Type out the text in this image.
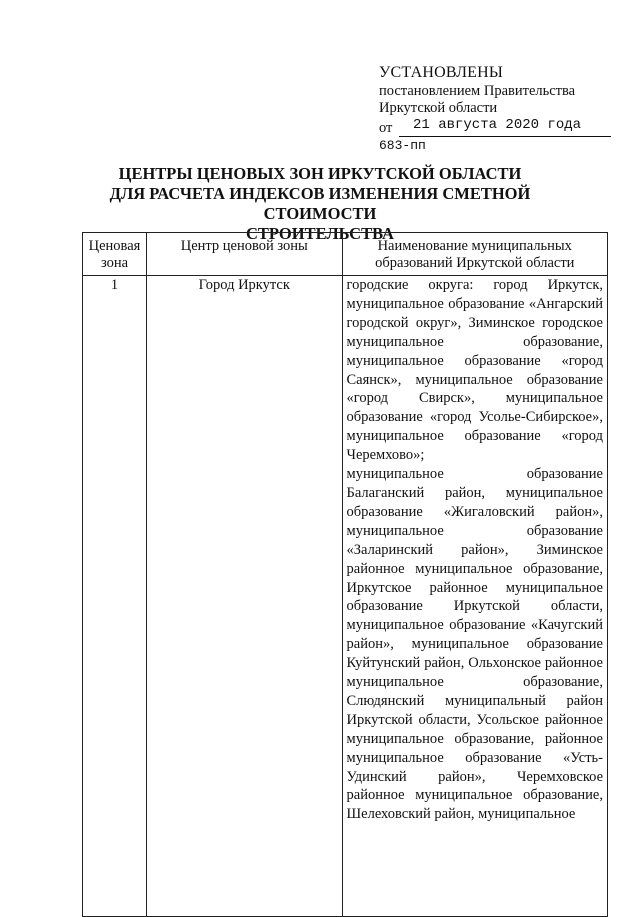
УСТАНОВЛЕНЫ
постановлением Правительства
Иркутской области
от 21 августа 2020 года
683-пп
ЦЕНТРЫ ЦЕНОВЫХ ЗОН ИРКУТСКОЙ ОБЛАСТИ
ДЛЯ РАСЧЕТА ИНДЕКСОВ ИЗМЕНЕНИЯ СМЕТНОЙ СТОИМОСТИ
СТРОИТЕЛЬСТВА
Ценовая зона	Центр ценовой зоны	Наименование муниципальных образований Иркутской области
1	Город Иркутск	городские округа: город Иркутск, муниципальное образование «Ангарский городской округ», Зиминское городское муниципальное образование, муниципальное образование «город Саянск», муниципальное образование «город Свирск», муниципальное образование «город Усолье-Сибирское», муниципальное образование «город Черемхово»;

муниципальное образование Балаганский район, муниципальное образование «Жигаловский район», муниципальное образование «Заларинский район», Зиминское районное муниципальное образование, Иркутское районное муниципальное образование Иркутской области, муниципальное образование «Качугский район», муниципальное образование Куйтунский район, Ольхонское районное муниципальное образование, Слюдянский муниципальный район Иркутской области, Усольское районное муниципальное образование, районное муниципальное образование «Усть-Удинский район», Черемховское районное муниципальное образование, Шелеховский район, муниципальное
